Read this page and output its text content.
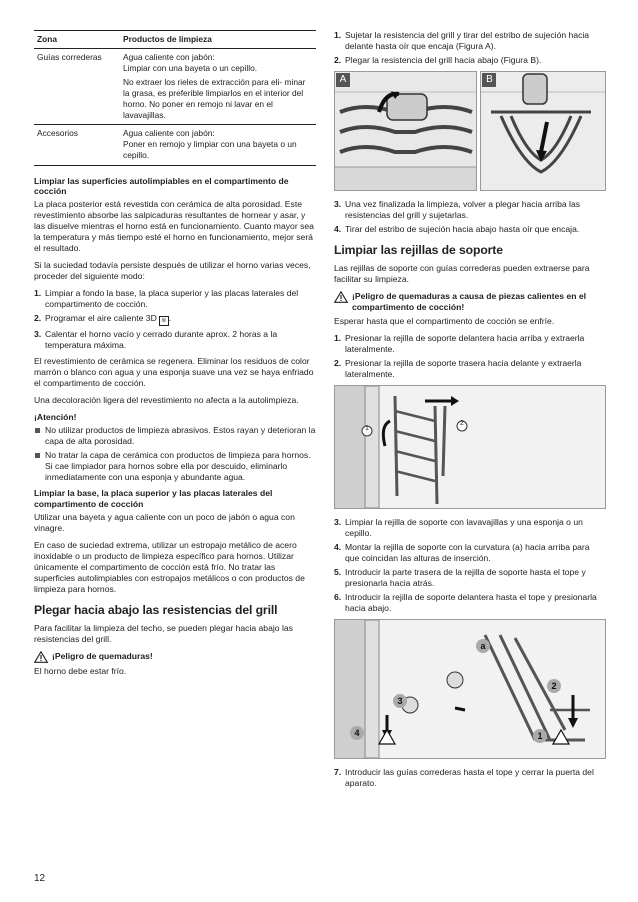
Zona	Productos de limpieza
Guías correderas	Agua caliente con jabón:
Limpiar con una bayeta o un cepillo.
No extraer los rieles de extracción para eli- minar la grasa, es preferible limpiarlos en el interior del horno. No poner en remojo ni lavar en el lavavajillas.

Accesorios	Agua caliente con jabón:
Poner en remojo y limpiar con una bayeta o un cepillo.
Limpiar las superficies autolimpiables en el compartimento de cocción

La placa posterior está revestida con cerámica de alta porosidad. Este revestimiento absorbe las salpicaduras resultantes de hornear y asar, y las disuelve mientras el horno está en funcionamiento. Cuanto mayor sea la temperatura y más tiempo esté el horno en funcionamiento, mejor será el resultado.

Si la suciedad todavía persiste después de utilizar el horno varias veces, proceder del siguiente modo:

1. Limpiar a fondo la base, la placa superior y las placas laterales del compartimento de cocción.
2. Programar el aire caliente 3D ≋ .
3. Calentar el horno vacío y cerrado durante aprox. 2 horas a la temperatura máxima.

El revestimiento de cerámica se regenera. Eliminar los residuos de color marrón o blanco con agua y una esponja suave una vez se haya enfriado el compartimento de cocción.

Una decoloración ligera del revestimiento no afecta a la autolimpieza.

¡Atención!
No utilizar productos de limpieza abrasivos. Estos rayan y deterioran la capa de alta porosidad.
No tratar la capa de cerámica con productos de limpieza para hornos. Si cae limpiador para hornos sobre ella por descuido, eliminarlo inmediatamente con una esponja y abundante agua.
Limpiar la base, la placa superior y las placas laterales del compartimento de cocción

Utilizar una bayeta y agua caliente con un poco de jabón o agua con vinagre.

En caso de suciedad extrema, utilizar un estropajo metálico de acero inoxidable o un producto de limpieza específico para hornos. Utilizar únicamente el compartimento de cocción está frío. No tratar las superficies autolimpiables con estropajos metálicos o con productos de limpieza para hornos.

Plegar hacia abajo las resistencias del grill

Para facilitar la limpieza del techo, se pueden plegar hacia abajo las resistencias del grill.

¡Peligro de quemaduras!

El horno debe estar frío.

1. Sujetar la resistencia del grill y tirar del estribo de sujeción hacia delante hasta oír que encaja (Figura A).
2. Plegar la resistencia del grill hacia abajo (Figura B).
A	B
3. Una vez finalizada la limpieza, volver a plegar hacia arriba las resistencias del grill y sujetarlas.
4. Tirar del estribo de sujeción hacia abajo hasta oír que encaja.
Limpiar las rejillas de soporte

Las rejillas de soporte con guías correderas pueden extraerse para facilitar su limpieza.

¡Peligro de quemaduras a causa de piezas calientes en el compartimento de cocción!

Esperar hasta que el compartimento de cocción se enfríe.

1. Presionar la rejilla de soporte delantera hacia arriba y extraerla lateralmente.
2. Presionar la rejilla de soporte trasera hacia delante y extraerla lateralmente.
1
2
3. Limpiar la rejilla de soporte con lavavajillas y una esponja o un cepillo.
4. Montar la rejilla de soporte con la curvatura (a) hacia arriba para que coincidan las alturas de inserción.
5. Introducir la parte trasera de la rejilla de soporte hasta el tope y presionarla hacia atrás.
6. Introducir la rejilla de soporte delantera hasta el tope y presionarla hacia abajo.
a
2
3
4	1
7. Introducir las guías correderas hasta el tope y cerrar la puerta del aparato.
12
